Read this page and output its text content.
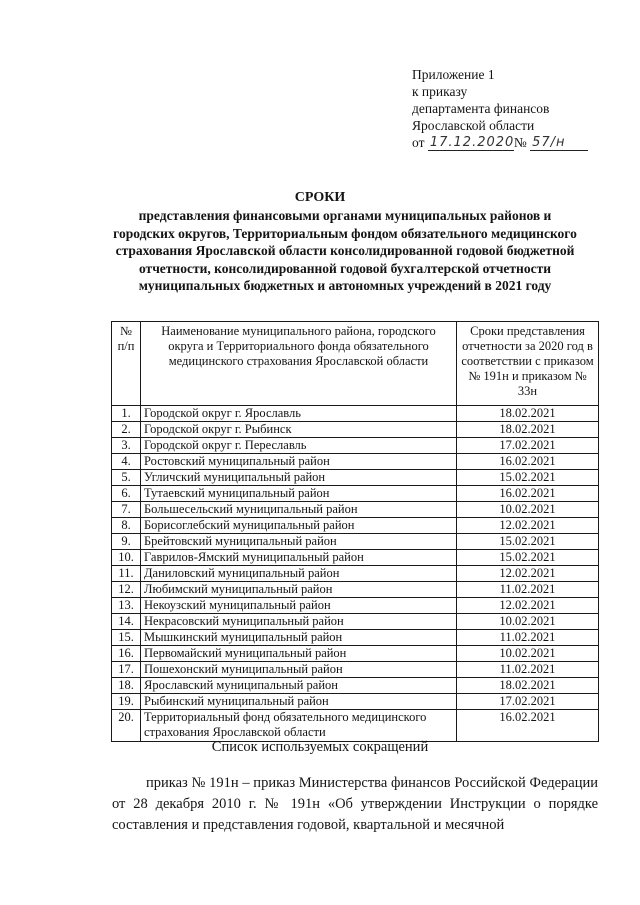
Приложение 1
к приказу
департамента финансов
Ярославской области
от
17.12.2020 №
57/н
СРОКИ
представления финансовыми органами муниципальных районов и городских округов, Территориальным фондом обязательного медицинского страхования Ярославской области консолидированной годовой бюджетной отчетности, консолидированной годовой бухгалтерской отчетности муниципальных бюджетных и автономных учреждений в 2021 году
№ п/п	Наименование муниципального района, городского округа и Территориального фонда обязательного медицинского страхования Ярославской области	Сроки представления отчетности за 2020 год в соответствии с приказом № 191н и приказом № 33н
1.	Городской округ г. Ярославль	18.02.2021
2.	Городской округ г. Рыбинск	18.02.2021
3.	Городской округ г. Переславль	17.02.2021
4.	Ростовский муниципальный район	16.02.2021
5.	Угличский муниципальный район	15.02.2021
6.	Тутаевский муниципальный район	16.02.2021
7.	Большесельский муниципальный район	10.02.2021
8.	Борисоглебский муниципальный район	12.02.2021
9.	Брейтовский муниципальный район	15.02.2021
10.	Гаврилов-Ямский муниципальный район	15.02.2021
11.	Даниловский муниципальный район	12.02.2021
12.	Любимский муниципальный район	11.02.2021
13.	Некоузский муниципальный район	12.02.2021
14.	Некрасовский муниципальный район	10.02.2021
15.	Мышкинский муниципальный район	11.02.2021
16.	Первомайский муниципальный район	10.02.2021
17.	Пошехонский муниципальный район	11.02.2021
18.	Ярославский муниципальный район	18.02.2021
19.	Рыбинский муниципальный район	17.02.2021
20.	Территориальный фонд обязательного медицинского страхования Ярославской области	16.02.2021
Список используемых сокращений
приказ № 191н – приказ Министерства финансов Российской Федерации от 28 декабря 2010 г. № 191н «Об утверждении Инструкции о порядке составления и представления годовой, квартальной и месячной
